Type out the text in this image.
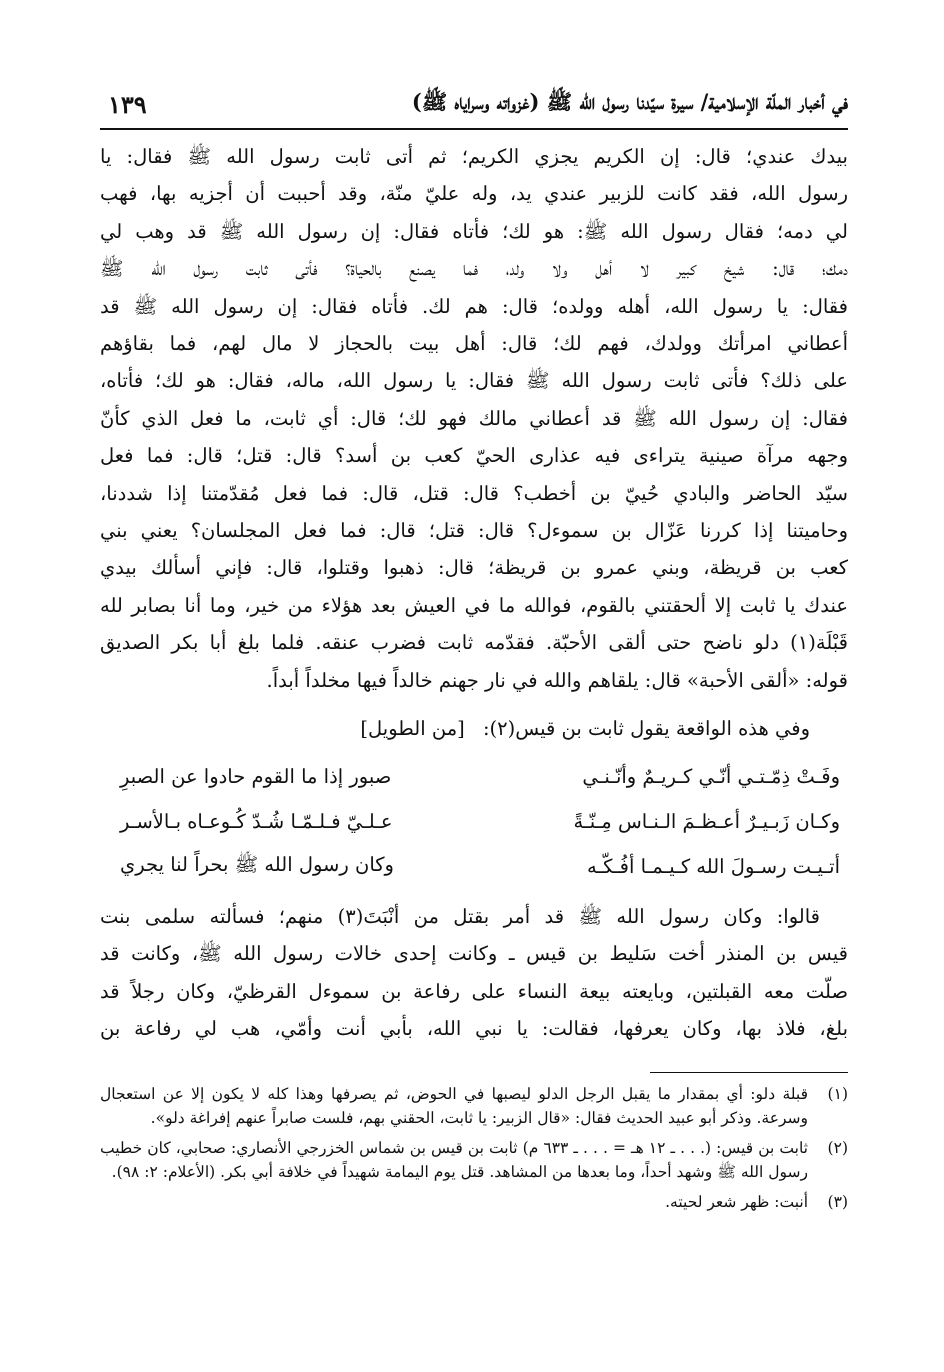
في أخبار الملّة الإسلامية/ سيرة سيّدنا رسول الله ﷺ (غزواته وسراياه ﷺ)
١٣٩
بيدك عندي؛ قال: إن الكريم يجزي الكريم؛ ثم أتى ثابت رسول الله ﷺ فقال: يا
رسول الله، فقد كانت للزبير عندي يد، وله عليّ منّة، وقد أحببت أن أجزيه بها، فهب
لي دمه؛ فقال رسول الله ﷺ: هو لك؛ فأتاه فقال: إن رسول الله ﷺ قد وهب لي
دمك؛ قال: شيخ كبير لا أهل ولا ولد، فما يصنع بالحياة؟ فأتى ثابت رسول الله ﷺ
فقال: يا رسول الله، أهله وولده؛ قال: هم لك. فأتاه فقال: إن رسول الله ﷺ قد
أعطاني امرأتك وولدك، فهم لك؛ قال: أهل بيت بالحجاز لا مال لهم، فما بقاؤهم
على ذلك؟ فأتى ثابت رسول الله ﷺ فقال: يا رسول الله، ماله، فقال: هو لك؛ فأتاه،
فقال: إن رسول الله ﷺ قد أعطاني مالك فهو لك؛ قال: أي ثابت، ما فعل الذي كأنّ
وجهه مرآة صينية يتراءى فيه عذارى الحيّ كعب بن أسد؟ قال: قتل؛ قال: فما فعل
سيّد الحاضر والبادي حُييّ بن أخطب؟ قال: قتل، قال: فما فعل مُقدّمتنا إذا شددنا،
وحاميتنا إذا كررنا عَزّال بن سموءل؟ قال: قتل؛ قال: فما فعل المجلسان؟ يعني بني
كعب بن قريظة، وبني عمرو بن قريظة؛ قال: ذهبوا وقتلوا، قال: فإني أسألك بيدي
عندك يا ثابت إلا ألحقتني بالقوم، فوالله ما في العيش بعد هؤلاء من خير، وما أنا بصابر لله
قَبْلَة(١) دلو ناضح حتى ألقى الأحبّة. فقدّمه ثابت فضرب عنقه. فلما بلغ أبا بكر الصديق
قوله: «ألقى الأحبة» قال: يلقاهم والله في نار جهنم خالداً فيها مخلداً أبداً.
وفي هذه الواقعة يقول ثابت بن قيس(٢): [من الطويل]
وفَـتْ ذِمّـتـي أنّـي كـريـمٌ وأنّـنـي
صبور إذا ما القوم حادوا عن الصبرِ
وكـان زَبـيـرٌ أعـظـمَ الـنـاس مِـنّـةً
عـلـيّ فـلـمّـا شُـدّ كُـوعـاه بـالأسـر
أتـيـت رسـولَ الله كـيـمـا أفُـكّـه
وكان رسول الله ﷺ بحراً لنا يجري
قالوا: وكان رسول الله ﷺ قد أمر بقتل من أنْبَتَ(٣) منهم؛ فسألته سلمى بنت
قيس بن المنذر أخت سَليط بن قيس ـ وكانت إحدى خالات رسول الله ﷺ، وكانت قد
صلّت معه القبلتين، وبايعته بيعة النساء على رفاعة بن سموءل القرظيّ، وكان رجلاً قد
بلغ، فلاذ بها، وكان يعرفها، فقالت: يا نبي الله، بأبي أنت وأمّي، هب لي رفاعة بن
(١)
قبلة دلو: أي بمقدار ما يقبل الرجل الدلو ليصبها في الحوض، ثم يصرفها وهذا كله لا يكون إلا عن استعجال وسرعة. وذكر أبو عبيد الحديث فقال: «قال الزبير: يا ثابت، الحقني بهم، فلست صابراً عنهم إفراغة دلو».
(٢)
ثابت بن قيس: (. . . ـ ١٢ هـ = . . . ـ ٦٣٣ م) ثابت بن قيس بن شماس الخزرجي الأنصاري: صحابي، كان خطيب رسول الله ﷺ وشهد أحداً، وما بعدها من المشاهد. قتل يوم اليمامة شهيداً في خلافة أبي بكر. (الأعلام: ٢: ٩٨).
(٣)
أنبت: ظهر شعر لحيته.
